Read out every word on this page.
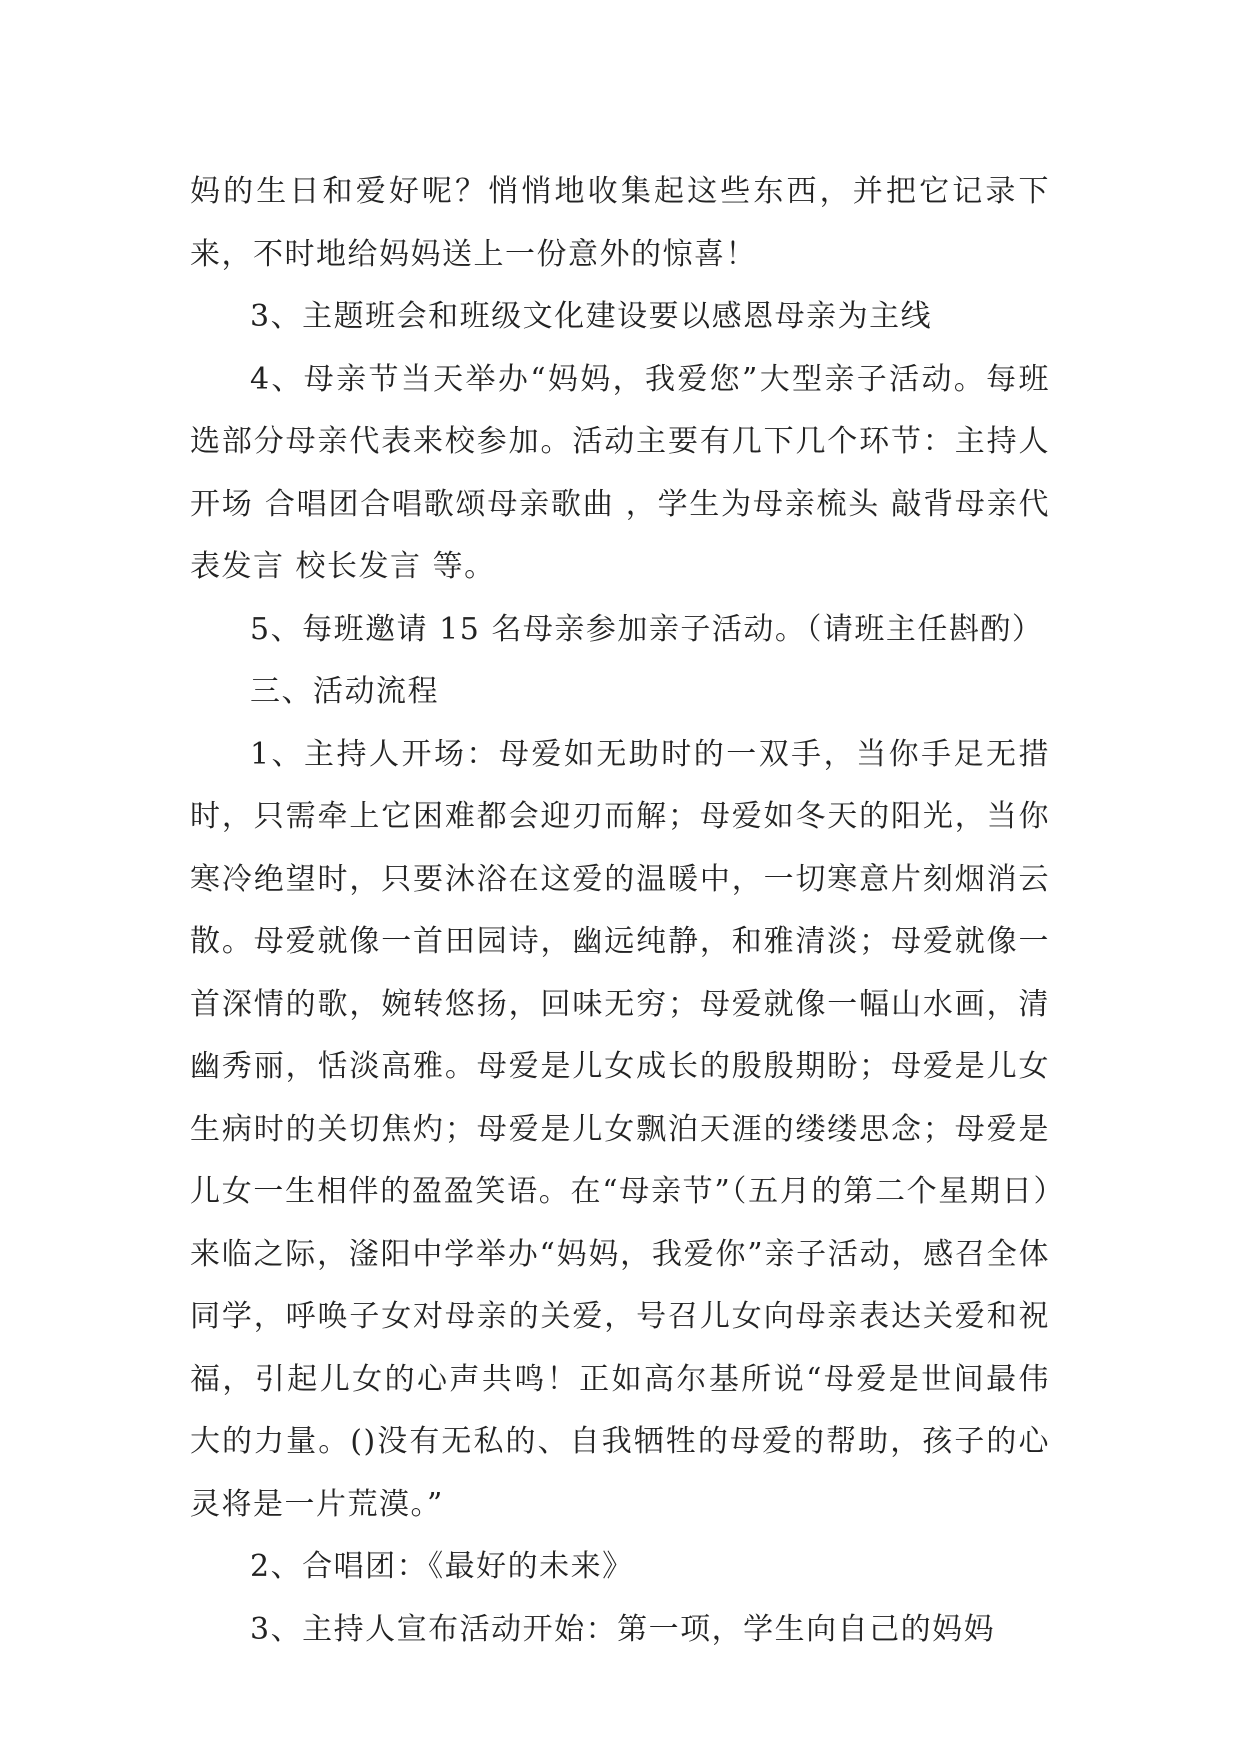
妈的生日和爱好呢？悄悄地收集起这些东西，并把它记录下来，不时地给妈妈送上一份意外的惊喜！

3、主题班会和班级文化建设要以感恩母亲为主线

4、母亲节当天举办“妈妈，我爱您”大型亲子活动。每班选部分母亲代表来校参加。活动主要有几下几个环节：主持人开场 合唱团合唱歌颂母亲歌曲 ，学生为母亲梳头 敲背母亲代表发言 校长发言 等。

5、每班邀请 15 名母亲参加亲子活动。（请班主任斟酌）

三、活动流程

1、主持人开场：母爱如无助时的一双手，当你手足无措时，只需牵上它困难都会迎刃而解；母爱如冬天的阳光，当你寒冷绝望时，只要沐浴在这爱的温暖中，一切寒意片刻烟消云散。母爱就像一首田园诗，幽远纯静，和雅清淡；母爱就像一首深情的歌，婉转悠扬，回味无穷；母爱就像一幅山水画，清幽秀丽，恬淡高雅。母爱是儿女成长的殷殷期盼；母爱是儿女生病时的关切焦灼；母爱是儿女飘泊天涯的缕缕思念；母爱是儿女一生相伴的盈盈笑语。在“母亲节”（五月的第二个星期日）来临之际，滏阳中学举办“妈妈，我爱你”亲子活动，感召全体同学，呼唤子女对母亲的关爱，号召儿女向母亲表达关爱和祝福，引起儿女的心声共鸣！正如高尔基所说“母爱是世间最伟大的力量。()没有无私的、自我牺牲的母爱的帮助，孩子的心灵将是一片荒漠。”

2、合唱团：《最好的未来》

3、主持人宣布活动开始：第一项，学生向自己的妈妈
